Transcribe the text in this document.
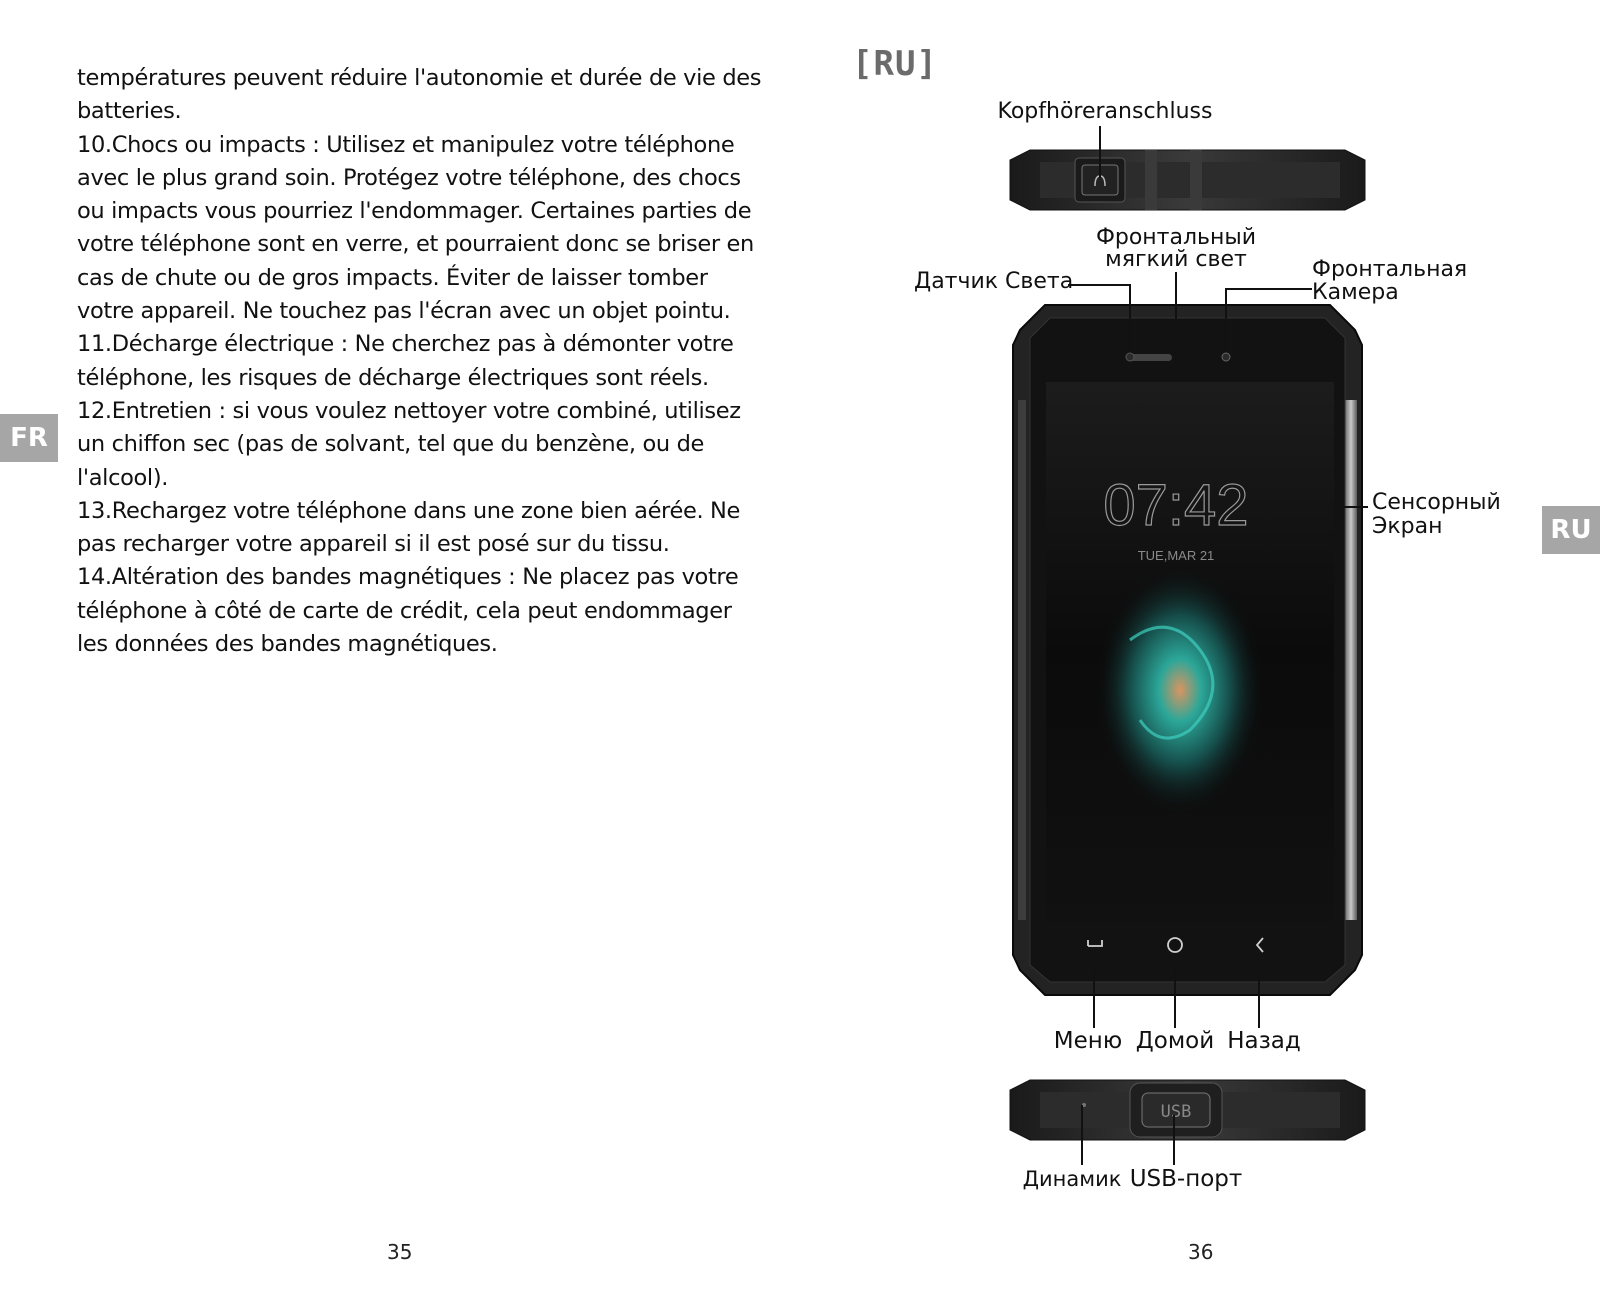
températures peuvent réduire l'autonomie et durée de vie des batteries.

10.Chocs ou impacts : Utilisez et manipulez votre téléphone avec le plus grand soin. Protégez votre téléphone, des chocs ou impacts vous pourriez l'endommager. Certaines parties de votre téléphone sont en verre, et pourraient donc se briser en cas de chute ou de gros impacts. Éviter de laisser tomber votre appareil. Ne touchez pas l'écran avec un objet pointu.

11.Décharge électrique : Ne cherchez pas à démonter votre téléphone, les risques de décharge électriques sont réels.

12.Entretien : si vous voulez nettoyer votre combiné, utilisez un chiffon sec (pas de solvant, tel que du benzène, ou de l'alcool).

13.Rechargez votre téléphone dans une zone bien aérée. Ne pas recharger votre appareil si il est posé sur du tissu.

14.Altération des bandes magnétiques : Ne placez pas votre téléphone à côté de carte de crédit, cela peut endommager les données des bandes magnétiques.

FR
35
[RU]
07:42
TUE,MAR 21
USB
Kopfhöreranschluss
Фронтальный
мягкий свет
Датчик Света	Фронтальная
Камера
Сенсорный
Экран
Меню Домой Назад
Динамик USB-порт
RU
36
